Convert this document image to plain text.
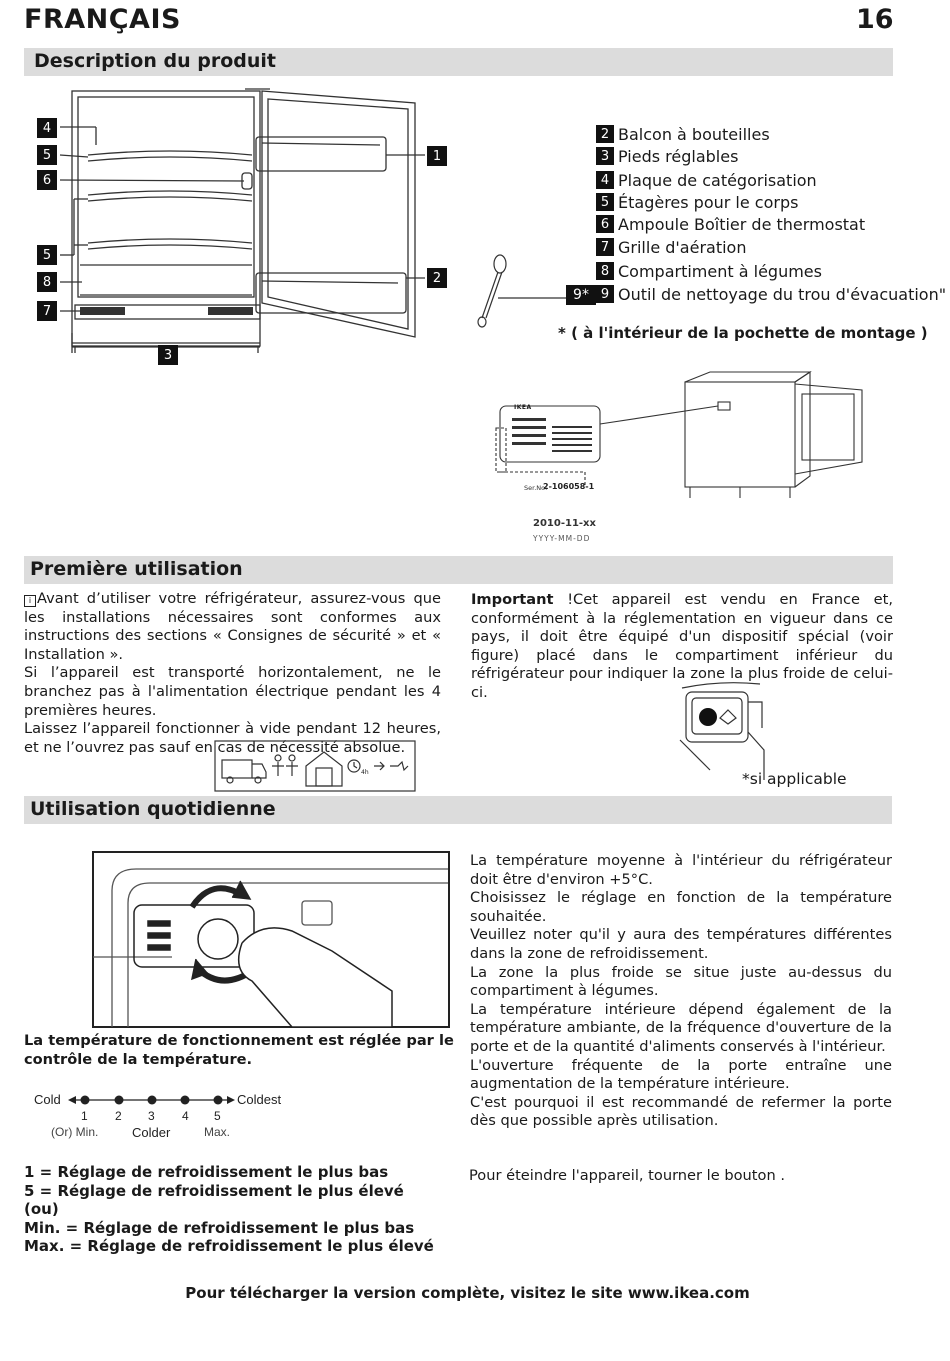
FRANÇAIS	16
Description du produit
4
5
6
5
8
7
1
2
3
9*
2 Balcon à bouteilles
3 Pieds réglables
4 Plaque de catégorisation
5 Étagères pour le corps
6 Ampoule Boîtier de thermostat
7 Grille d'aération
8 Compartiment à légumes
9 Outil de nettoyage du trou d'évacuation"
* ( à l'intérieur de la pochette de montage )
IKEA
Ser.No:
2-106058-1
2010-11-xx
YYYY-MM-DD
Première utilisation

i Avant d’utiliser votre réfrigérateur, assurez-vous que les installations nécessaires sont conformes aux instructions des sections « Consignes de sécurité » et « Installation ».

Si l’appareil est transporté horizontalement, ne le branchez pas à l'alimentation électrique pendant les 4 premières heures.

Laissez l’appareil fonctionner à vide pendant 12 heures, et ne l’ouvrez pas sauf en cas de nécessité absolue.

4h
Important !Cet appareil est vendu en France et, conformément à la réglementation en vigueur dans ce pays, il doit être équipé d'un dispositif spécial (voir figure) placé dans le compartiment inférieur du réfrigérateur pour indiquer la zone la plus froide de celui-ci.
*si applicable
Utilisation quotidienne
La température de fonctionnement est réglée par le contrôle de la température.
Cold	Coldest
1 2 3 4 5
(Or) Min.	Colder	Max.
1 = Réglage de refroidissement le plus bas
5 = Réglage de refroidissement le plus élevé
(ou)
Min. = Réglage de refroidissement le plus bas
Max. = Réglage de refroidissement le plus élevé

La température moyenne à l'intérieur du réfrigérateur doit être d'environ +5°C.

Choisissez le réglage en fonction de la température souhaitée.

Veuillez noter qu'il y aura des températures différentes dans la zone de refroidissement.

La zone la plus froide se situe juste au-dessus du compartiment à légumes.

La température intérieure dépend également de la température ambiante, de la fréquence d'ouverture de la porte et de la quantité d'aliments conservés à l'intérieur.

L'ouverture fréquente de la porte entraîne une augmentation de la température intérieure.

C'est pourquoi il est recommandé de refermer la porte dès que possible après utilisation.

Pour éteindre l'appareil, tourner le bouton .
Pour télécharger la version complète, visitez le site www.ikea.com
